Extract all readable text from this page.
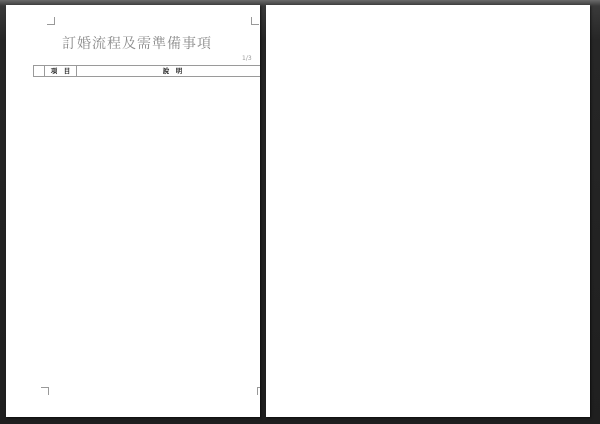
訂婚流程及需準備事項
1/3
	項　目	說　明
